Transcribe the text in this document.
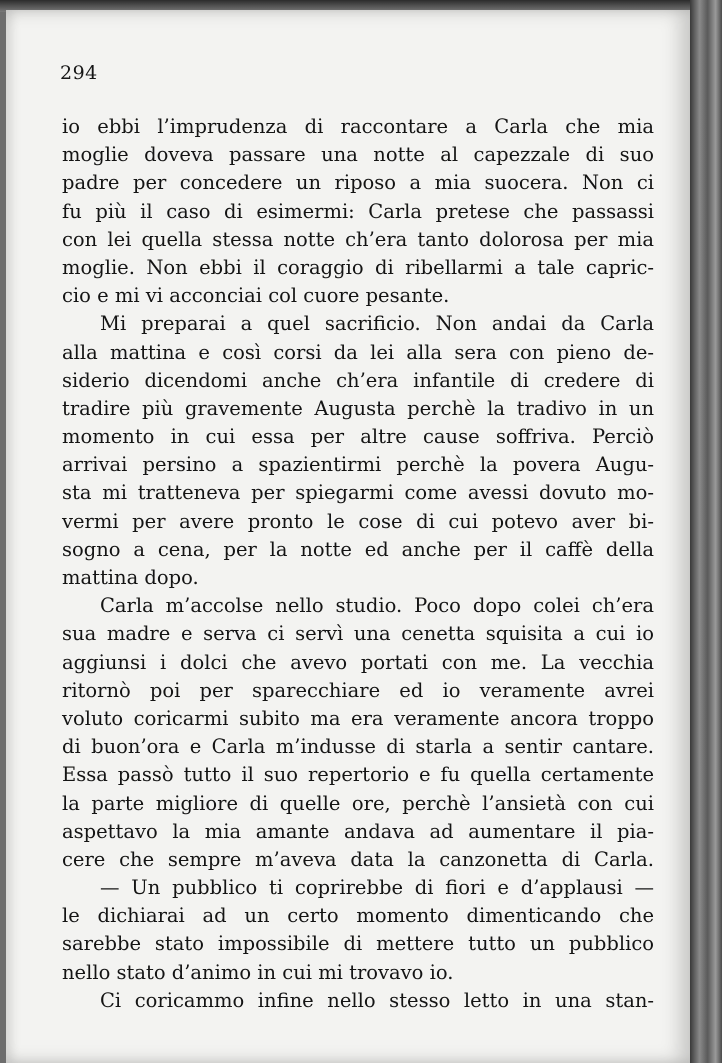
294
io ebbi l’imprudenza di raccontare a Carla che mia
moglie doveva passare una notte al capezzale di suo
padre per concedere un riposo a mia suocera. Non ci
fu più il caso di esimermi: Carla pretese che passassi
con lei quella stessa notte ch’era tanto dolorosa per mia
moglie. Non ebbi il coraggio di ribellarmi a tale capric-
cio e mi vi acconciai col cuore pesante.
Mi preparai a quel sacrificio. Non andai da Carla
alla mattina e così corsi da lei alla sera con pieno de-
siderio dicendomi anche ch’era infantile di credere di
tradire più gravemente Augusta perchè la tradivo in un
momento in cui essa per altre cause soffriva. Perciò
arrivai persino a spazientirmi perchè la povera Augu-
sta mi tratteneva per spiegarmi come avessi dovuto mo-
vermi per avere pronto le cose di cui potevo aver bi-
sogno a cena, per la notte ed anche per il caffè della
mattina dopo.
Carla m’accolse nello studio. Poco dopo colei ch’era
sua madre e serva ci servì una cenetta squisita a cui io
aggiunsi i dolci che avevo portati con me. La vecchia
ritornò poi per sparecchiare ed io veramente avrei
voluto coricarmi subito ma era veramente ancora troppo
di buon’ora e Carla m’indusse di starla a sentir cantare.
Essa passò tutto il suo repertorio e fu quella certamente
la parte migliore di quelle ore, perchè l’ansietà con cui
aspettavo la mia amante andava ad aumentare il pia-
cere che sempre m’aveva data la canzonetta di Carla.
— Un pubblico ti coprirebbe di fiori e d’applausi —
le dichiarai ad un certo momento dimenticando che
sarebbe stato impossibile di mettere tutto un pubblico
nello stato d’animo in cui mi trovavo io.
Ci coricammo infine nello stesso letto in una stan-
